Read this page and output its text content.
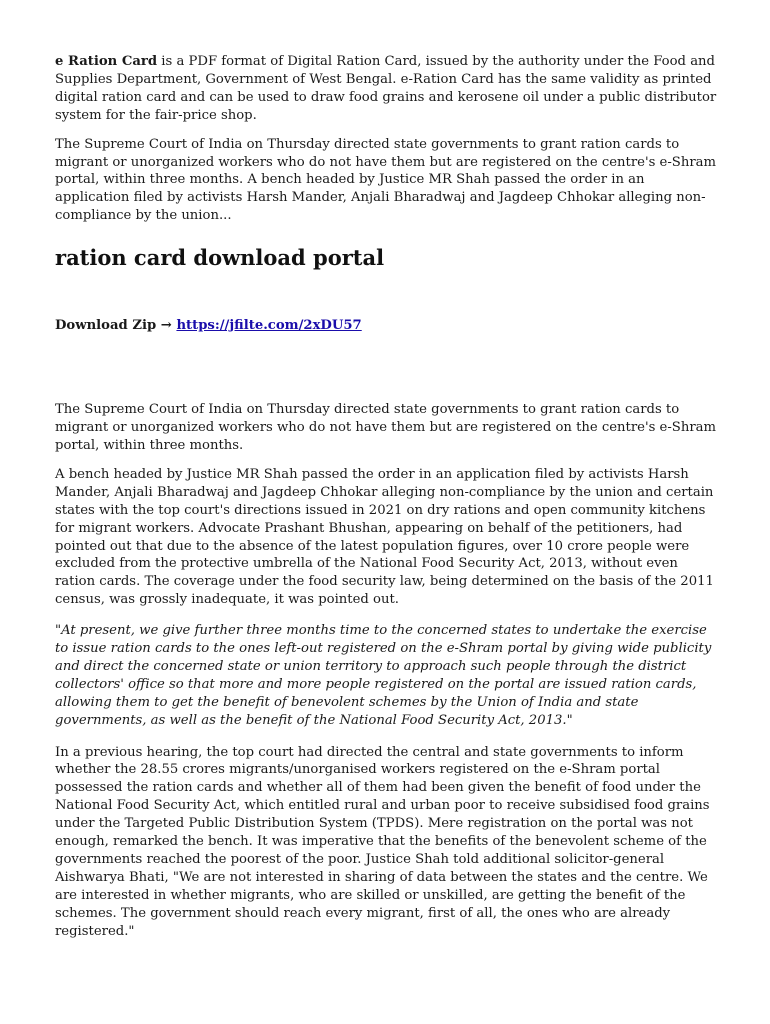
e Ration Card is a PDF format of Digital Ration Card, issued by the authority under the Food and Supplies Department, Government of West Bengal. e-Ration Card has the same validity as printed digital ration card and can be used to draw food grains and kerosene oil under a public distributor system for the fair-price shop.

The Supreme Court of India on Thursday directed state governments to grant ration cards to migrant or unorganized workers who do not have them but are registered on the centre's e-Shram portal, within three months. A bench headed by Justice MR Shah passed the order in an application filed by activists Harsh Mander, Anjali Bharadwaj and Jagdeep Chhokar alleging non-compliance by the union...

ration card download portal
Download Zip → https://jfilte.com/2xDU57

The Supreme Court of India on Thursday directed state governments to grant ration cards to migrant or unorganized workers who do not have them but are registered on the centre's e-Shram portal, within three months.

A bench headed by Justice MR Shah passed the order in an application filed by activists Harsh Mander, Anjali Bharadwaj and Jagdeep Chhokar alleging non-compliance by the union and certain states with the top court's directions issued in 2021 on dry rations and open community kitchens for migrant workers. Advocate Prashant Bhushan, appearing on behalf of the petitioners, had pointed out that due to the absence of the latest population figures, over 10 crore people were excluded from the protective umbrella of the National Food Security Act, 2013, without even ration cards. The coverage under the food security law, being determined on the basis of the 2011 census, was grossly inadequate, it was pointed out.

"At present, we give further three months time to the concerned states to undertake the exercise to issue ration cards to the ones left-out registered on the e-Shram portal by giving wide publicity and direct the concerned state or union territory to approach such people through the district collectors' office so that more and more people registered on the portal are issued ration cards, allowing them to get the benefit of benevolent schemes by the Union of India and state governments, as well as the benefit of the National Food Security Act, 2013."

In a previous hearing, the top court had directed the central and state governments to inform whether the 28.55 crores migrants/unorganised workers registered on the e-Shram portal possessed the ration cards and whether all of them had been given the benefit of food under the National Food Security Act, which entitled rural and urban poor to receive subsidised food grains under the Targeted Public Distribution System (TPDS). Mere registration on the portal was not enough, remarked the bench. It was imperative that the benefits of the benevolent scheme of the governments reached the poorest of the poor. Justice Shah told additional solicitor-general Aishwarya Bhati, "We are not interested in sharing of data between the states and the centre. We are interested in whether migrants, who are skilled or unskilled, are getting the benefit of the schemes. The government should reach every migrant, first of all, the ones who are already registered."
